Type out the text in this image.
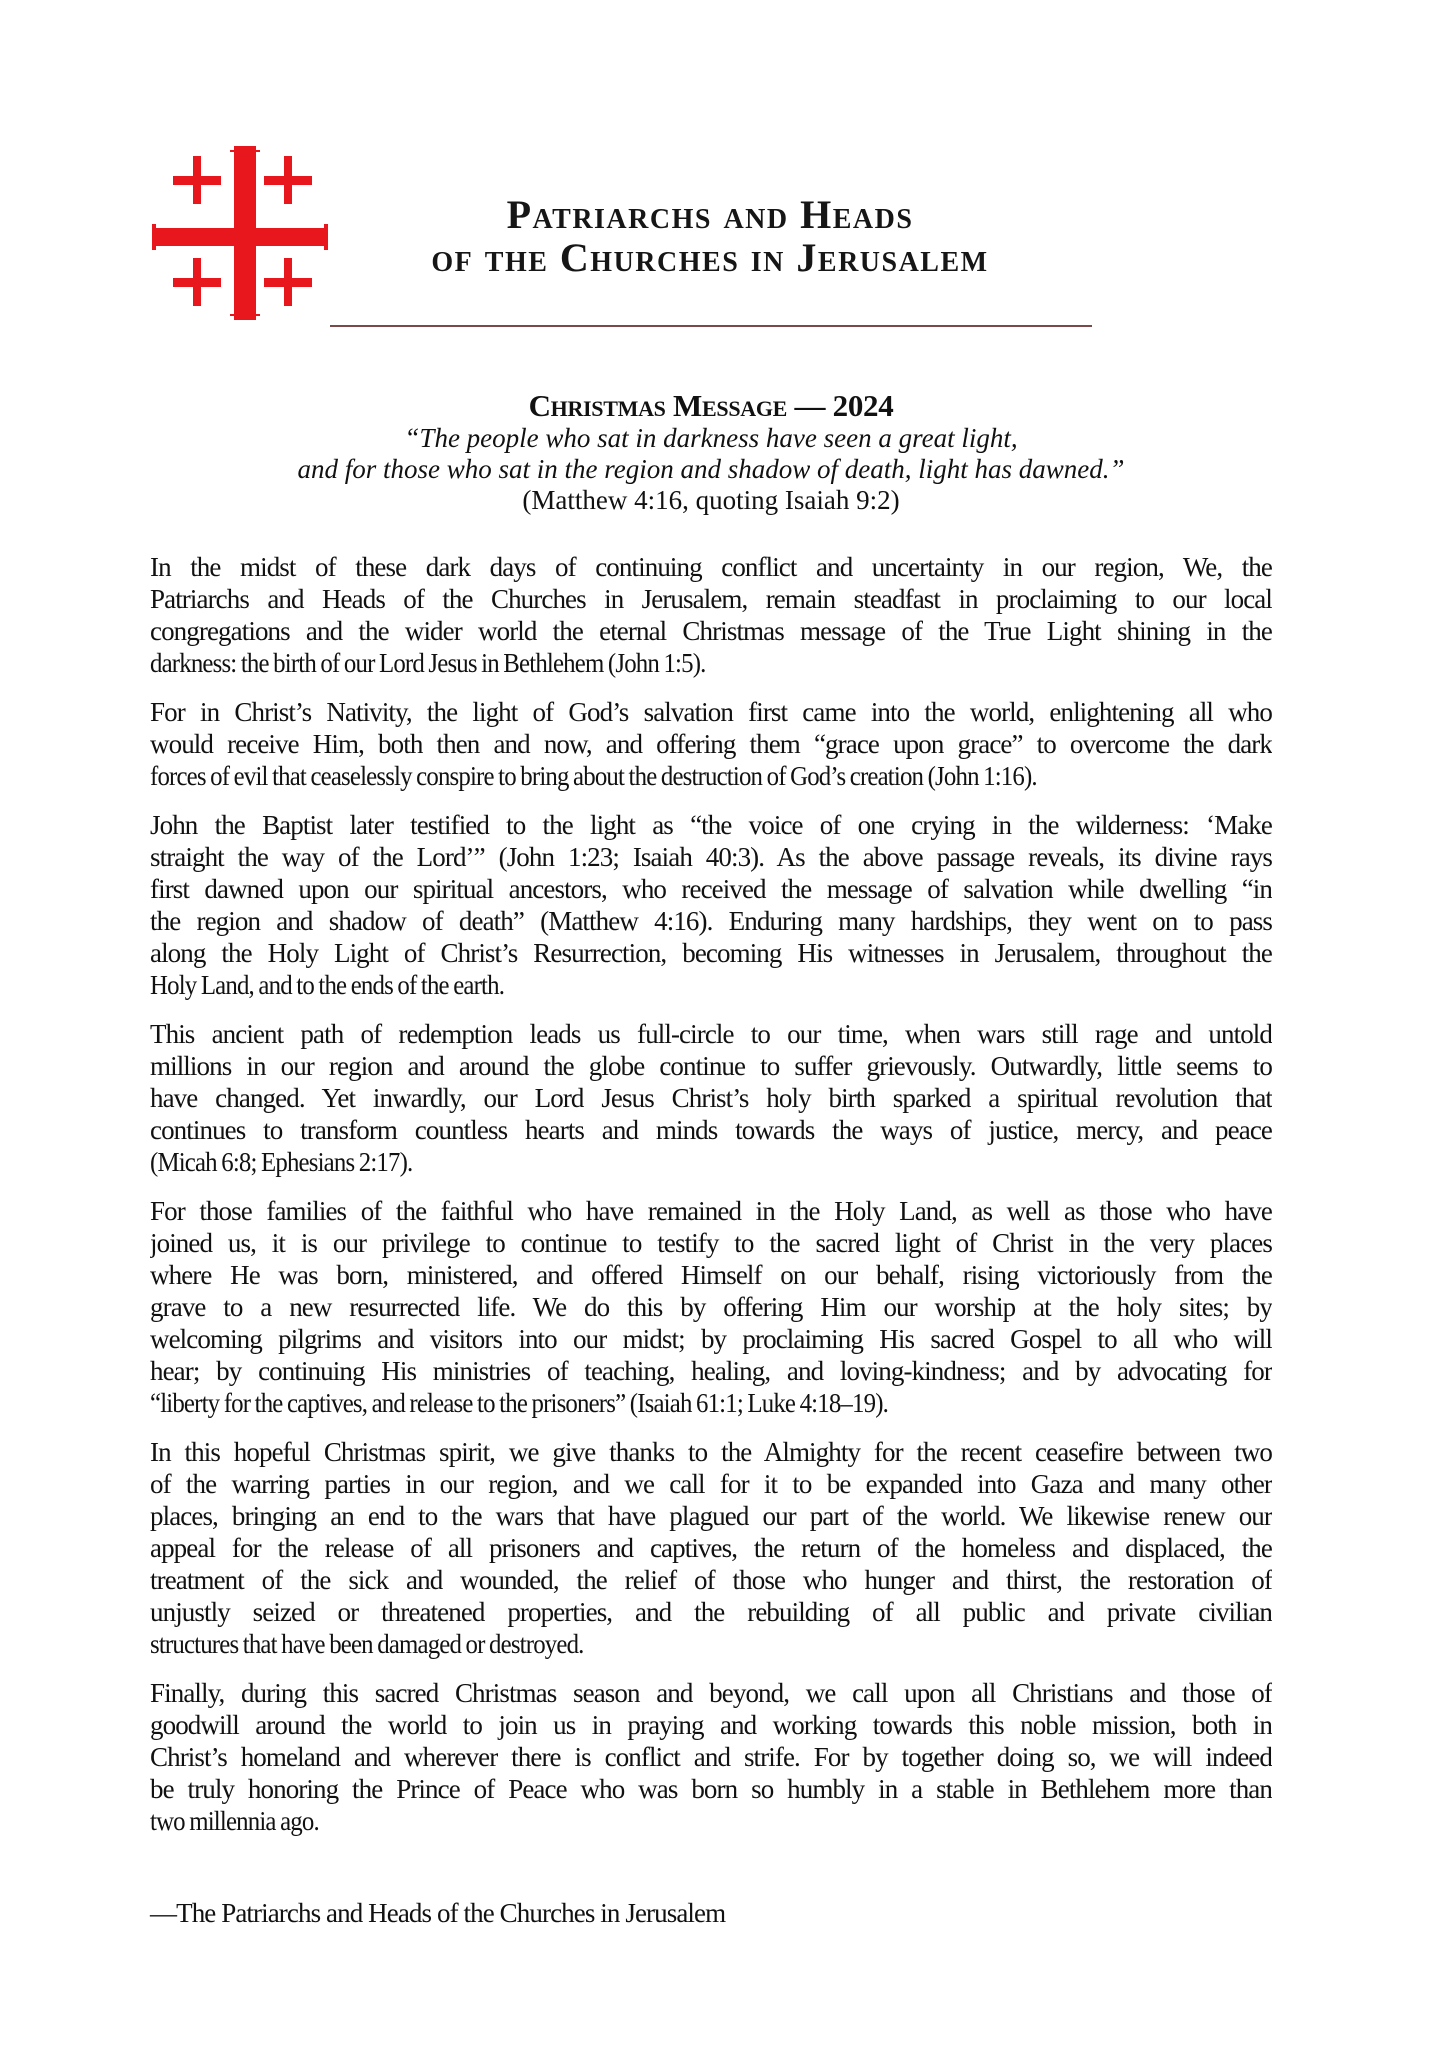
Patriarchs and Heads
of the Churches in Jerusalem
Christmas Message — 2024
“The people who sat in darkness have seen a great light,
and for those who sat in the region and shadow of death, light has dawned.”
(Matthew 4:16, quoting Isaiah 9:2)
In the midst of these dark days of continuing conflict and uncertainty in our region, We, the
Patriarchs and Heads of the Churches in Jerusalem, remain steadfast in proclaiming to our local
congregations and the wider world the eternal Christmas message of the True Light shining in the
darkness: the birth of our Lord Jesus in Bethlehem (John 1:5).
For in Christ’s Nativity, the light of God’s salvation first came into the world, enlightening all who
would receive Him, both then and now, and offering them “grace upon grace” to overcome the dark
forces of evil that ceaselessly conspire to bring about the destruction of God’s creation (John 1:16).
John the Baptist later testified to the light as “the voice of one crying in the wilderness: ‘Make
straight the way of the Lord’” (John 1:23; Isaiah 40:3). As the above passage reveals, its divine rays
first dawned upon our spiritual ancestors, who received the message of salvation while dwelling “in
the region and shadow of death” (Matthew 4:16). Enduring many hardships, they went on to pass
along the Holy Light of Christ’s Resurrection, becoming His witnesses in Jerusalem, throughout the
Holy Land, and to the ends of the earth.
This ancient path of redemption leads us full-circle to our time, when wars still rage and untold
millions in our region and around the globe continue to suffer grievously. Outwardly, little seems to
have changed. Yet inwardly, our Lord Jesus Christ’s holy birth sparked a spiritual revolution that
continues to transform countless hearts and minds towards the ways of justice, mercy, and peace
(Micah 6:8; Ephesians 2:17).
For those families of the faithful who have remained in the Holy Land, as well as those who have
joined us, it is our privilege to continue to testify to the sacred light of Christ in the very places
where He was born, ministered, and offered Himself on our behalf, rising victoriously from the
grave to a new resurrected life. We do this by offering Him our worship at the holy sites; by
welcoming pilgrims and visitors into our midst; by proclaiming His sacred Gospel to all who will
hear; by continuing His ministries of teaching, healing, and loving-kindness; and by advocating for
“liberty for the captives, and release to the prisoners” (Isaiah 61:1; Luke 4:18–19).
In this hopeful Christmas spirit, we give thanks to the Almighty for the recent ceasefire between two
of the warring parties in our region, and we call for it to be expanded into Gaza and many other
places, bringing an end to the wars that have plagued our part of the world. We likewise renew our
appeal for the release of all prisoners and captives, the return of the homeless and displaced, the
treatment of the sick and wounded, the relief of those who hunger and thirst, the restoration of
unjustly seized or threatened properties, and the rebuilding of all public and private civilian
structures that have been damaged or destroyed.
Finally, during this sacred Christmas season and beyond, we call upon all Christians and those of
goodwill around the world to join us in praying and working towards this noble mission, both in
Christ’s homeland and wherever there is conflict and strife. For by together doing so, we will indeed
be truly honoring the Prince of Peace who was born so humbly in a stable in Bethlehem more than
two millennia ago.
—The Patriarchs and Heads of the Churches in Jerusalem
